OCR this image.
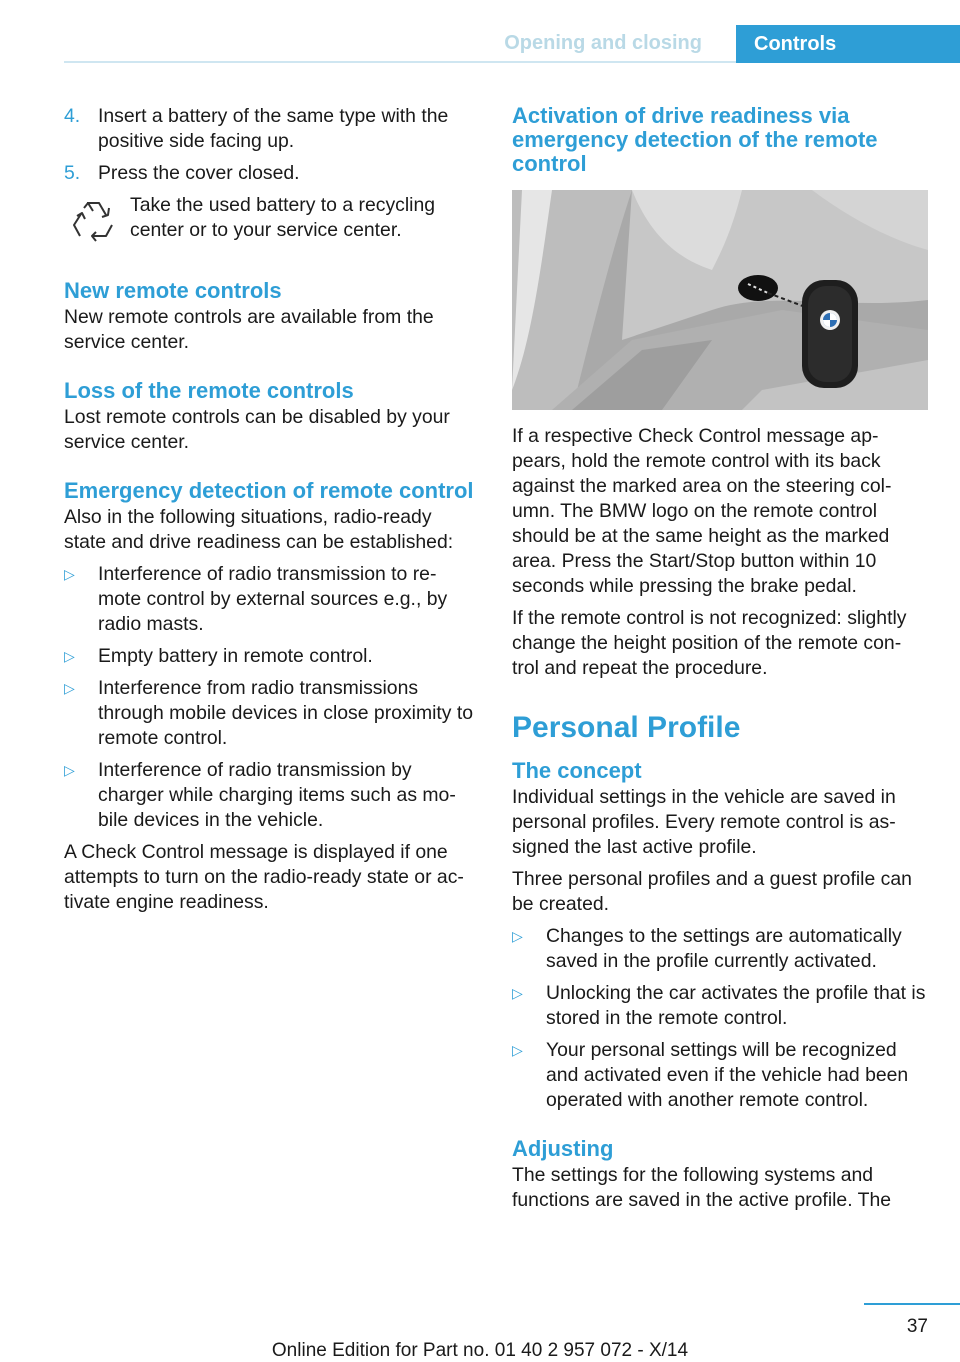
Opening and closing	Controls
4. Insert a battery of the same type with the positive side facing up.
5. Press the cover closed.
Take the used battery to a recycling center or to your service center.
New remote controls
New remote controls are available from the service center.
Loss of the remote controls
Lost remote controls can be disabled by your service center.
Emergency detection of remote control
Also in the following situations, radio-ready state and drive readiness can be established:
▷ Interference of radio transmission to re‐mote control by external sources e.g., by radio masts.
▷ Empty battery in remote control.
▷ Interference from radio transmissions through mobile devices in close proximity to remote control.
▷ Interference of radio transmission by charger while charging items such as mo‐bile devices in the vehicle.
A Check Control message is displayed if one attempts to turn on the radio-ready state or ac‐tivate engine readiness.
Activation of drive readiness via emergency detection of the remote control
If a respective Check Control message ap‐pears, hold the remote control with its back against the marked area on the steering col‐umn. The BMW logo on the remote control should be at the same height as the marked area. Press the Start/Stop button within 10 seconds while pressing the brake pedal.
If the remote control is not recognized: slightly change the height position of the remote con‐trol and repeat the procedure.
Personal Profile
The concept
Individual settings in the vehicle are saved in personal profiles. Every remote control is as‐signed the last active profile.
Three personal profiles and a guest profile can be created.
▷ Changes to the settings are automatically saved in the profile currently activated.
▷ Unlocking the car activates the profile that is stored in the remote control.
▷ Your personal settings will be recognized and activated even if the vehicle had been operated with another remote control.
Adjusting
The settings for the following systems and functions are saved in the active profile. The
37
Online Edition for Part no. 01 40 2 957 072 - X/14
